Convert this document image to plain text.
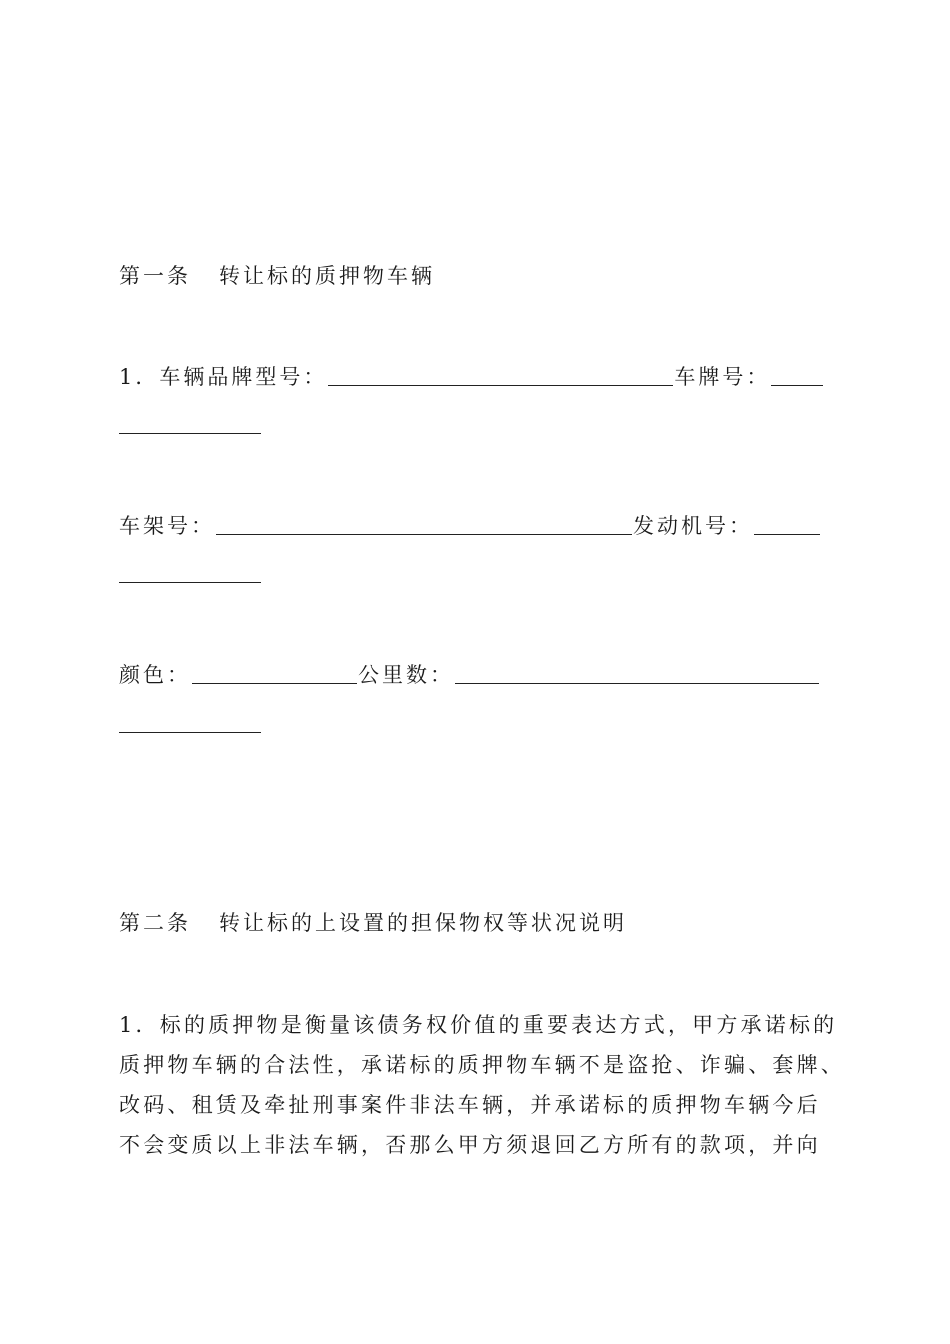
第一条 转让标的质押物车辆
1．车辆品牌型号：	车牌号：
车架号：	发动机号：
颜色：	公里数：
第二条 转让标的上设置的担保物权等状况说明
1．标的质押物是衡量该债务权价值的重要表达方式，甲方承诺标的
质押物车辆的合法性，承诺标的质押物车辆不是盗抢、诈骗、套牌、
改码、租赁及牵扯刑事案件非法车辆，并承诺标的质押物车辆今后
不会变质以上非法车辆，否那么甲方须退回乙方所有的款项，并向
